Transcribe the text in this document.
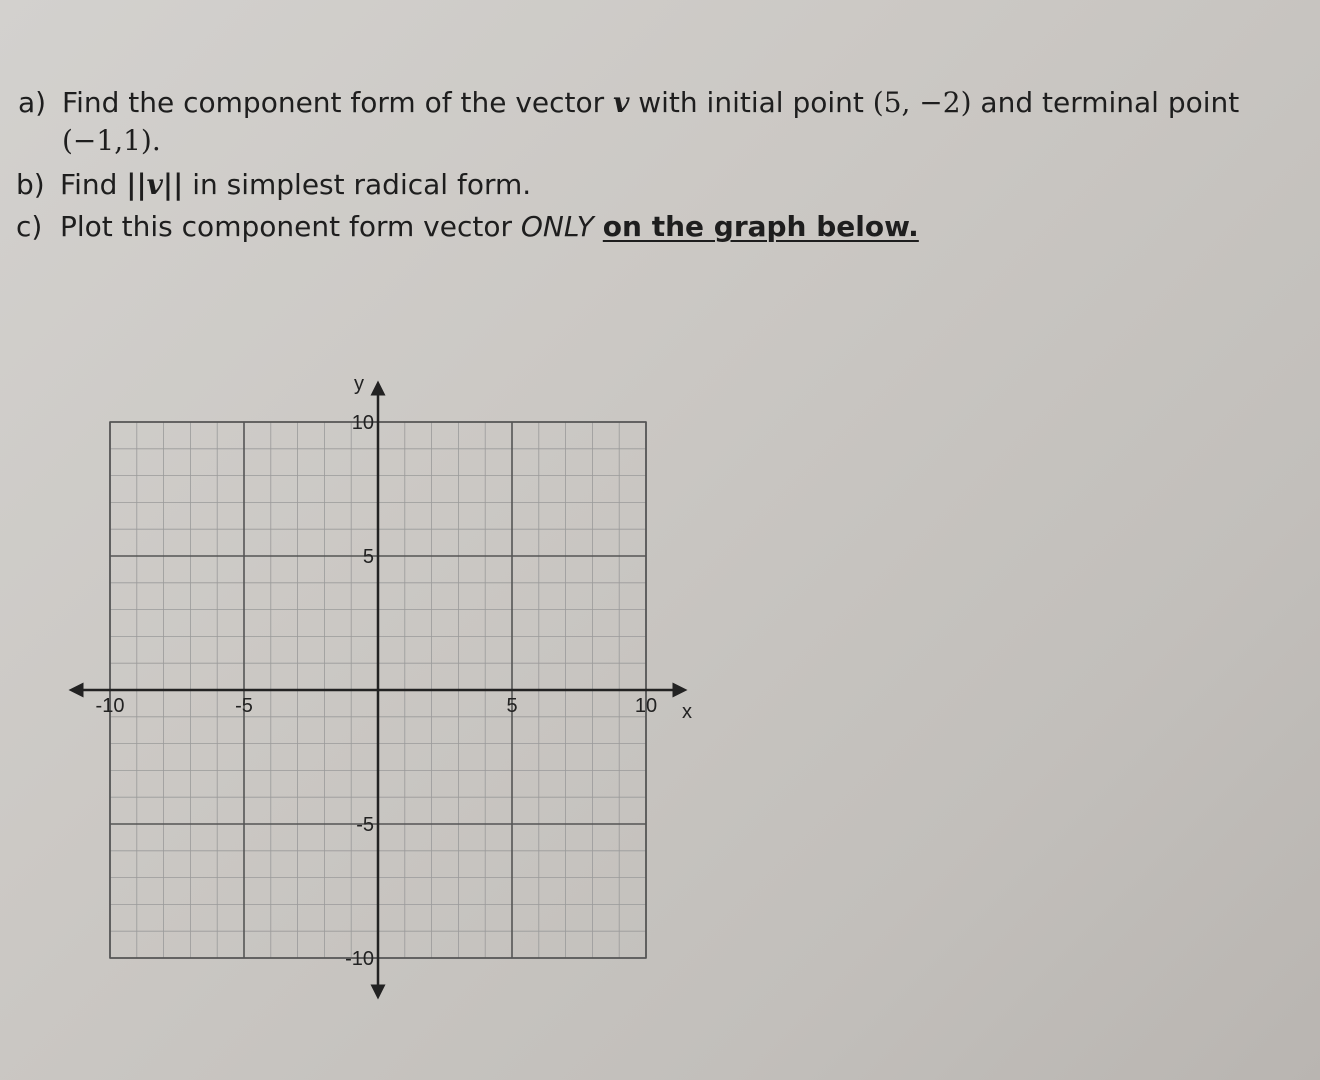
a) Find the component form of the vector v with initial point (5, −2) and terminal point
(−1,1).
b) Find ||v|| in simplest radical form.
c) Plot this component form vector ONLY on the graph below.
-10	-5	5	10
10
5
-5
-10
x
y
